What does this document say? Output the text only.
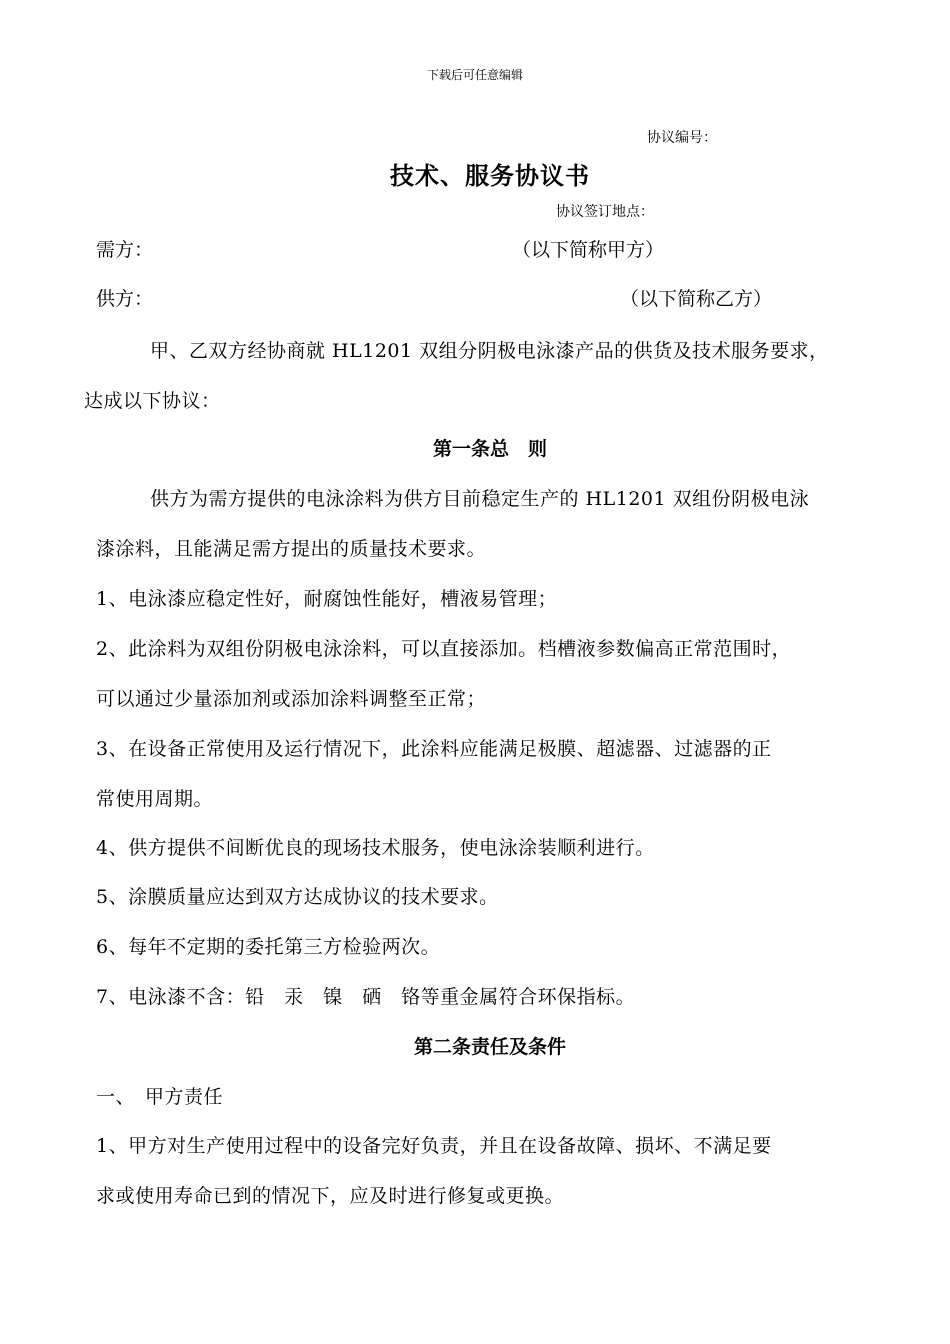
下载后可任意编辑
协议编号：
技术、服务协议书
协议签订地点：
需方：	（以下简称甲方）
供方：	（以下简称乙方）
甲、乙双方经协商就 HL1201 双组分阴极电泳漆产品的供货及技术服务要求，
达成以下协议：
第一条总　则
供方为需方提供的电泳涂料为供方目前稳定生产的 HL1201 双组份阴极电泳
漆涂料，且能满足需方提出的质量技术要求。
1、电泳漆应稳定性好，耐腐蚀性能好，槽液易管理；
2、此涂料为双组份阴极电泳涂料，可以直接添加。档槽液参数偏高正常范围时，
可以通过少量添加剂或添加涂料调整至正常；
3、在设备正常使用及运行情况下，此涂料应能满足极膜、超滤器、过滤器的正
常使用周期。
4、供方提供不间断优良的现场技术服务，使电泳涂装顺利进行。
5、涂膜质量应达到双方达成协议的技术要求。
6、每年不定期的委托第三方检验两次。
7、电泳漆不含：铅　汞　镍　硒　铬等重金属符合环保指标。
第二条责任及条件
一、　甲方责任
1、甲方对生产使用过程中的设备完好负责，并且在设备故障、损坏、不满足要
求或使用寿命已到的情况下，应及时进行修复或更换。
